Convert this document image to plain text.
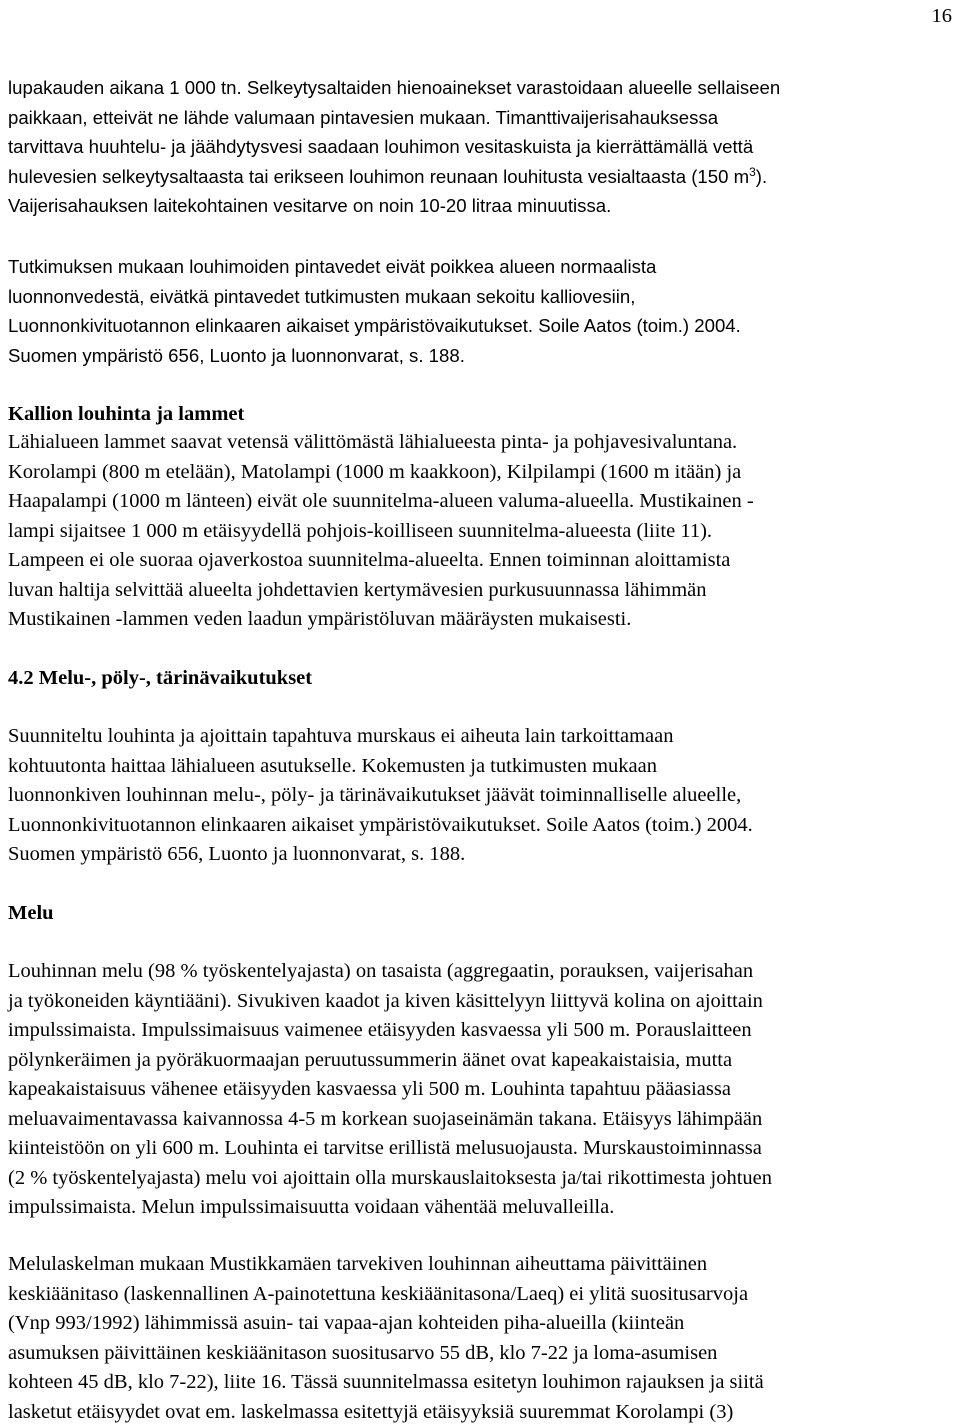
16
lupakauden aikana 1 000 tn. Selkeytysaltaiden hienoainekset varastoidaan alueelle sellaiseen
paikkaan, etteivät ne lähde valumaan pintavesien mukaan. Timanttivaijerisahauksessa
tarvittava huuhtelu- ja jäähdytysvesi saadaan louhimon vesitaskuista ja kierrättämällä vettä
hulevesien selkeytysaltaasta tai erikseen louhimon reunaan louhitusta vesialtaasta (150 $m^3$).
Vaijerisahauksen laitekohtainen vesitarve on noin 10-20 litraa minuutissa.
Tutkimuksen mukaan louhimoiden pintavedet eivät poikkea alueen normaalista
luonnonvedestä, eivätkä pintavedet tutkimusten mukaan sekoitu kalliovesiin,
Luonnonkivituotannon elinkaaren aikaiset ympäristövaikutukset. Soile Aatos (toim.) 2004.
Suomen ympäristö 656, Luonto ja luonnonvarat, s. 188.
Kallion louhinta ja lammet
Lähialueen lammet saavat vetensä välittömästä lähialueesta pinta- ja pohjavesivaluntana.
Korolampi (800 m etelään), Matolampi (1000 m kaakkoon), Kilpilampi (1600 m itään) ja
Haapalampi (1000 m länteen) eivät ole suunnitelma-alueen valuma-alueella. Mustikainen -
lampi sijaitsee 1 000 m etäisyydellä pohjois-koilliseen suunnitelma-alueesta (liite 11).
Lampeen ei ole suoraa ojaverkostoa suunnitelma-alueelta. Ennen toiminnan aloittamista
luvan haltija selvittää alueelta johdettavien kertymävesien purkusuunnassa lähimmän
Mustikainen -lammen veden laadun ympäristöluvan määräysten mukaisesti.
4.2 Melu-, pöly-, tärinävaikutukset
Suunniteltu louhinta ja ajoittain tapahtuva murskaus ei aiheuta lain tarkoittamaan
kohtuutonta haittaa lähialueen asutukselle. Kokemusten ja tutkimusten mukaan
luonnonkiven louhinnan melu-, pöly- ja tärinävaikutukset jäävät toiminnalliselle alueelle,
Luonnonkivituotannon elinkaaren aikaiset ympäristövaikutukset. Soile Aatos (toim.) 2004.
Suomen ympäristö 656, Luonto ja luonnonvarat, s. 188.
Melu
Louhinnan melu (98 % työskentelyajasta) on tasaista (aggregaatin, porauksen, vaijerisahan
ja työkoneiden käyntiääni). Sivukiven kaadot ja kiven käsittelyyn liittyvä kolina on ajoittain
impulssimaista. Impulssimaisuus vaimenee etäisyyden kasvaessa yli 500 m. Porauslaitteen
pölynkeräimen ja pyöräkuormaajan peruutussummerin äänet ovat kapeakaistaisia, mutta
kapeakaistaisuus vähenee etäisyyden kasvaessa yli 500 m. Louhinta tapahtuu pääasiassa
meluavaimentavassa kaivannossa 4-5 m korkean suojaseinämän takana. Etäisyys lähimpään
kiinteistöön on yli 600 m. Louhinta ei tarvitse erillistä melusuojausta. Murskaustoiminnassa
(2 % työskentelyajasta) melu voi ajoittain olla murskauslaitoksesta ja/tai rikottimesta johtuen
impulssimaista. Melun impulssimaisuutta voidaan vähentää meluvalleilla.
Melulaskelman mukaan Mustikkamäen tarvekiven louhinnan aiheuttama päivittäinen
keskiäänitaso (laskennallinen A-painotettuna keskiäänitasona/Laeq) ei ylitä suositusarvoja
(Vnp 993/1992) lähimmissä asuin- tai vapaa-ajan kohteiden piha-alueilla (kiinteän
asumuksen päivittäinen keskiäänitason suositusarvo 55 dB, klo 7-22 ja loma-asumisen
kohteen 45 dB, klo 7-22), liite 16. Tässä suunnitelmassa esitetyn louhimon rajauksen ja siitä
lasketut etäisyydet ovat em. laskelmassa esitettyjä etäisyyksiä suuremmat Korolampi (3)
